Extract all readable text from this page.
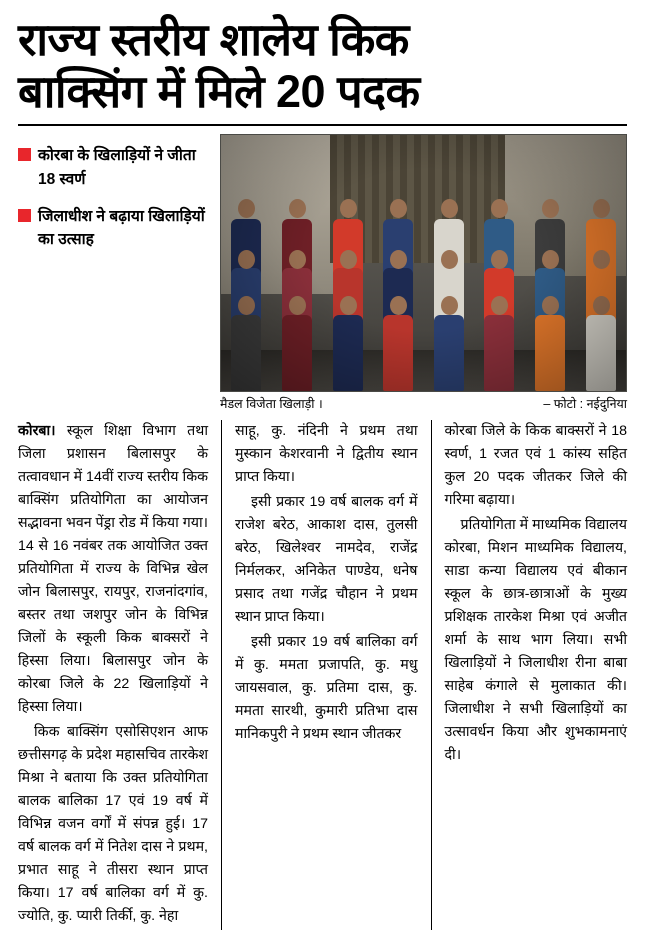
राज्य स्तरीय शालेय किक
बाक्सिंग में मिले 20 पदक
कोरबा के खिलाड़ियों ने जीता 18 स्वर्ण
जिलाधीश ने बढ़ाया खिलाड़ियों का उत्साह
मैडल विजेता खिलाड़ी ।	– फोटो : नईदुनिया

कोरबा। स्कूल शिक्षा विभाग तथा जिला प्रशासन बिलासपुर के तत्वावधान में 14वीं राज्य स्तरीय किक बाक्सिंग प्रतियोगिता का आयोजन सद्भावना भवन पेंड्रा रोड में किया गया। 14 से 16 नवंबर तक आयोजित उक्त प्रतियोगिता में राज्य के विभिन्न खेल जोन बिलासपुर, रायपुर, राजनांदगांव, बस्तर तथा जशपुर जोन के विभिन्न जिलों के स्कूली किक बाक्सरों ने हिस्सा लिया। बिलासपुर जोन के कोरबा जिले के 22 खिलाड़ियों ने हिस्सा लिया।

किक बाक्सिंग एसोसिएशन आफ छत्तीसगढ़ के प्रदेश महासचिव तारकेश मिश्रा ने बताया कि उक्त प्रतियोगिता बालक बालिका 17 एवं 19 वर्ष में विभिन्न वजन वर्गों में संपन्न हुई। 17 वर्ष बालक वर्ग में नितेश दास ने प्रथम, प्रभात साहू ने तीसरा स्थान प्राप्त किया। 17 वर्ष बालिका वर्ग में कु. ज्योति, कु. प्यारी तिर्की, कु. नेहा

साहू, कु. नंदिनी ने प्रथम तथा मुस्कान केशरवानी ने द्वितीय स्थान प्राप्त किया।

इसी प्रकार 19 वर्ष बालक वर्ग में राजेश बरेठ, आकाश दास, तुलसी बरेठ, खिलेश्वर नामदेव, राजेंद्र निर्मलकर, अनिकेत पाण्डेय, धनेष प्रसाद तथा गजेंद्र चौहान ने प्रथम स्थान प्राप्त किया।

इसी प्रकार 19 वर्ष बालिका वर्ग में कु. ममता प्रजापति, कु. मधु जायसवाल, कु. प्रतिमा दास, कु. ममता सारथी, कुमारी प्रतिभा दास मानिकपुरी ने प्रथम स्थान जीतकर

कोरबा जिले के किक बाक्सरों ने 18 स्वर्ण, 1 रजत एवं 1 कांस्य सहित कुल 20 पदक जीतकर जिले की गरिमा बढ़ाया।

प्रतियोगिता में माध्यमिक विद्यालय कोरबा, मिशन माध्यमिक विद्यालय, साडा कन्या विद्यालय एवं बीकान स्कूल के छात्र-छात्राओं के मुख्य प्रशिक्षक तारकेश मिश्रा एवं अजीत शर्मा के साथ भाग लिया। सभी खिलाड़ियों ने जिलाधीश रीना बाबा साहेब कंगाले से मुलाकात की। जिलाधीश ने सभी खिलाड़ियों का उत्सावर्धन किया और शुभकामनाएं दी।
